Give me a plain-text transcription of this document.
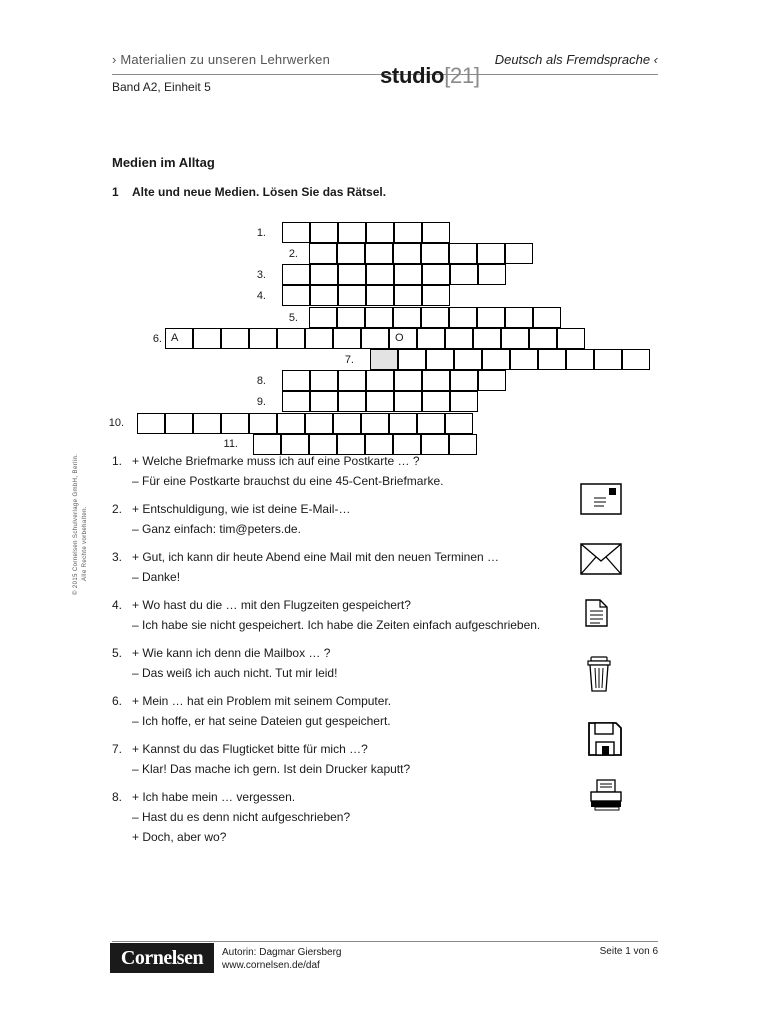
› Materialien zu unseren Lehrwerken	Deutsch als Fremdsprache ‹
Band A2, Einheit 5	studio[21]
Medien im Alltag
1 Alte und neue Medien. Lösen Sie das Rätsel.
1.
2.
3.
4.
5.
6. A	O
7.
8.
9.
10.
11.
© 2015 Cornelsen Schulverlage GmbH, Berlin. Alle Rechte vorbehalten.
1. + Welche Briefmarke muss ich auf eine Postkarte … ?
– Für eine Postkarte brauchst du eine 45-Cent-Briefmarke.
2. + Entschuldigung, wie ist deine E-Mail-…
– Ganz einfach: tim@peters.de.
3. + Gut, ich kann dir heute Abend eine Mail mit den neuen Terminen …
– Danke!
4. + Wo hast du die … mit den Flugzeiten gespeichert?
– Ich habe sie nicht gespeichert. Ich habe die Zeiten einfach aufgeschrieben.
5. + Wie kann ich denn die Mailbox … ?
– Das weiß ich auch nicht. Tut mir leid!
6. + Mein … hat ein Problem mit seinem Computer.
– Ich hoffe, er hat seine Dateien gut gespeichert.
7. + Kannst du das Flugticket bitte für mich …?
– Klar! Das mache ich gern. Ist dein Drucker kaputt?
8. + Ich habe mein … vergessen.
– Hast du es denn nicht aufgeschrieben?
+ Doch, aber wo?
Cornelsen	Autorin: Dagmar Giersberg
www.cornelsen.de/daf
Seite 1 von 6
